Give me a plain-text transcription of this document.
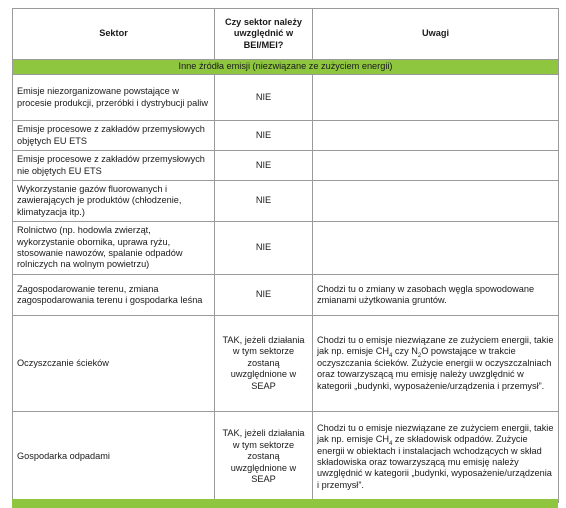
Sektor	Czy sektor należy uwzględnić w BEI/MEI?	Uwagi
Inne źródła emisji (niezwiązane ze zużyciem energii)		
Emisje niezorganizowane powstające w procesie produkcji, przeróbki i dystrybucji paliw	NIE	
Emisje procesowe z zakładów przemysłowych objętych EU ETS	NIE	
Emisje procesowe z zakładów przemysłowych nie objętych EU ETS	NIE	
Wykorzystanie gazów fluorowanych i zawierających je produktów (chłodzenie, klimatyzacja itp.)	NIE	
Rolnictwo (np. hodowla zwierząt, wykorzystanie obornika, uprawa ryżu, stosowanie nawozów, spalanie odpadów rolniczych na wolnym powietrzu)	NIE	
Zagospodarowanie terenu, zmiana zagospodarowania terenu i gospodarka leśna	NIE	Chodzi tu o zmiany w zasobach węgla spowodowane zmianami użytkowania gruntów.
Oczyszczanie ścieków	TAK, jeżeli działania w tym sektorze zostaną uwzględnione w SEAP	Chodzi tu o emisje niezwiązane ze zużyciem energii, takie jak np. emisje $CH_4$ czy $N_2O$ powstające w trakcie oczyszczania ścieków. Zużycie energii w oczyszczalniach oraz towarzyszącą mu emisję należy uwzględnić w kategorii „budynki, wyposażenie/urządzenia i przemysł”.
Gospodarka odpadami	TAK, jeżeli działania w tym sektorze zostaną uwzględnione w SEAP	Chodzi tu o emisje niezwiązane ze zużyciem energii, takie jak np. emisje $CH_4$ ze składowisk odpadów. Zużycie energii w obiektach i instalacjach wchodzących w skład składowiska oraz towarzyszącą mu emisję należy uwzględnić w kategorii „budynki, wyposażenie/urządzenia i przemysł”.
